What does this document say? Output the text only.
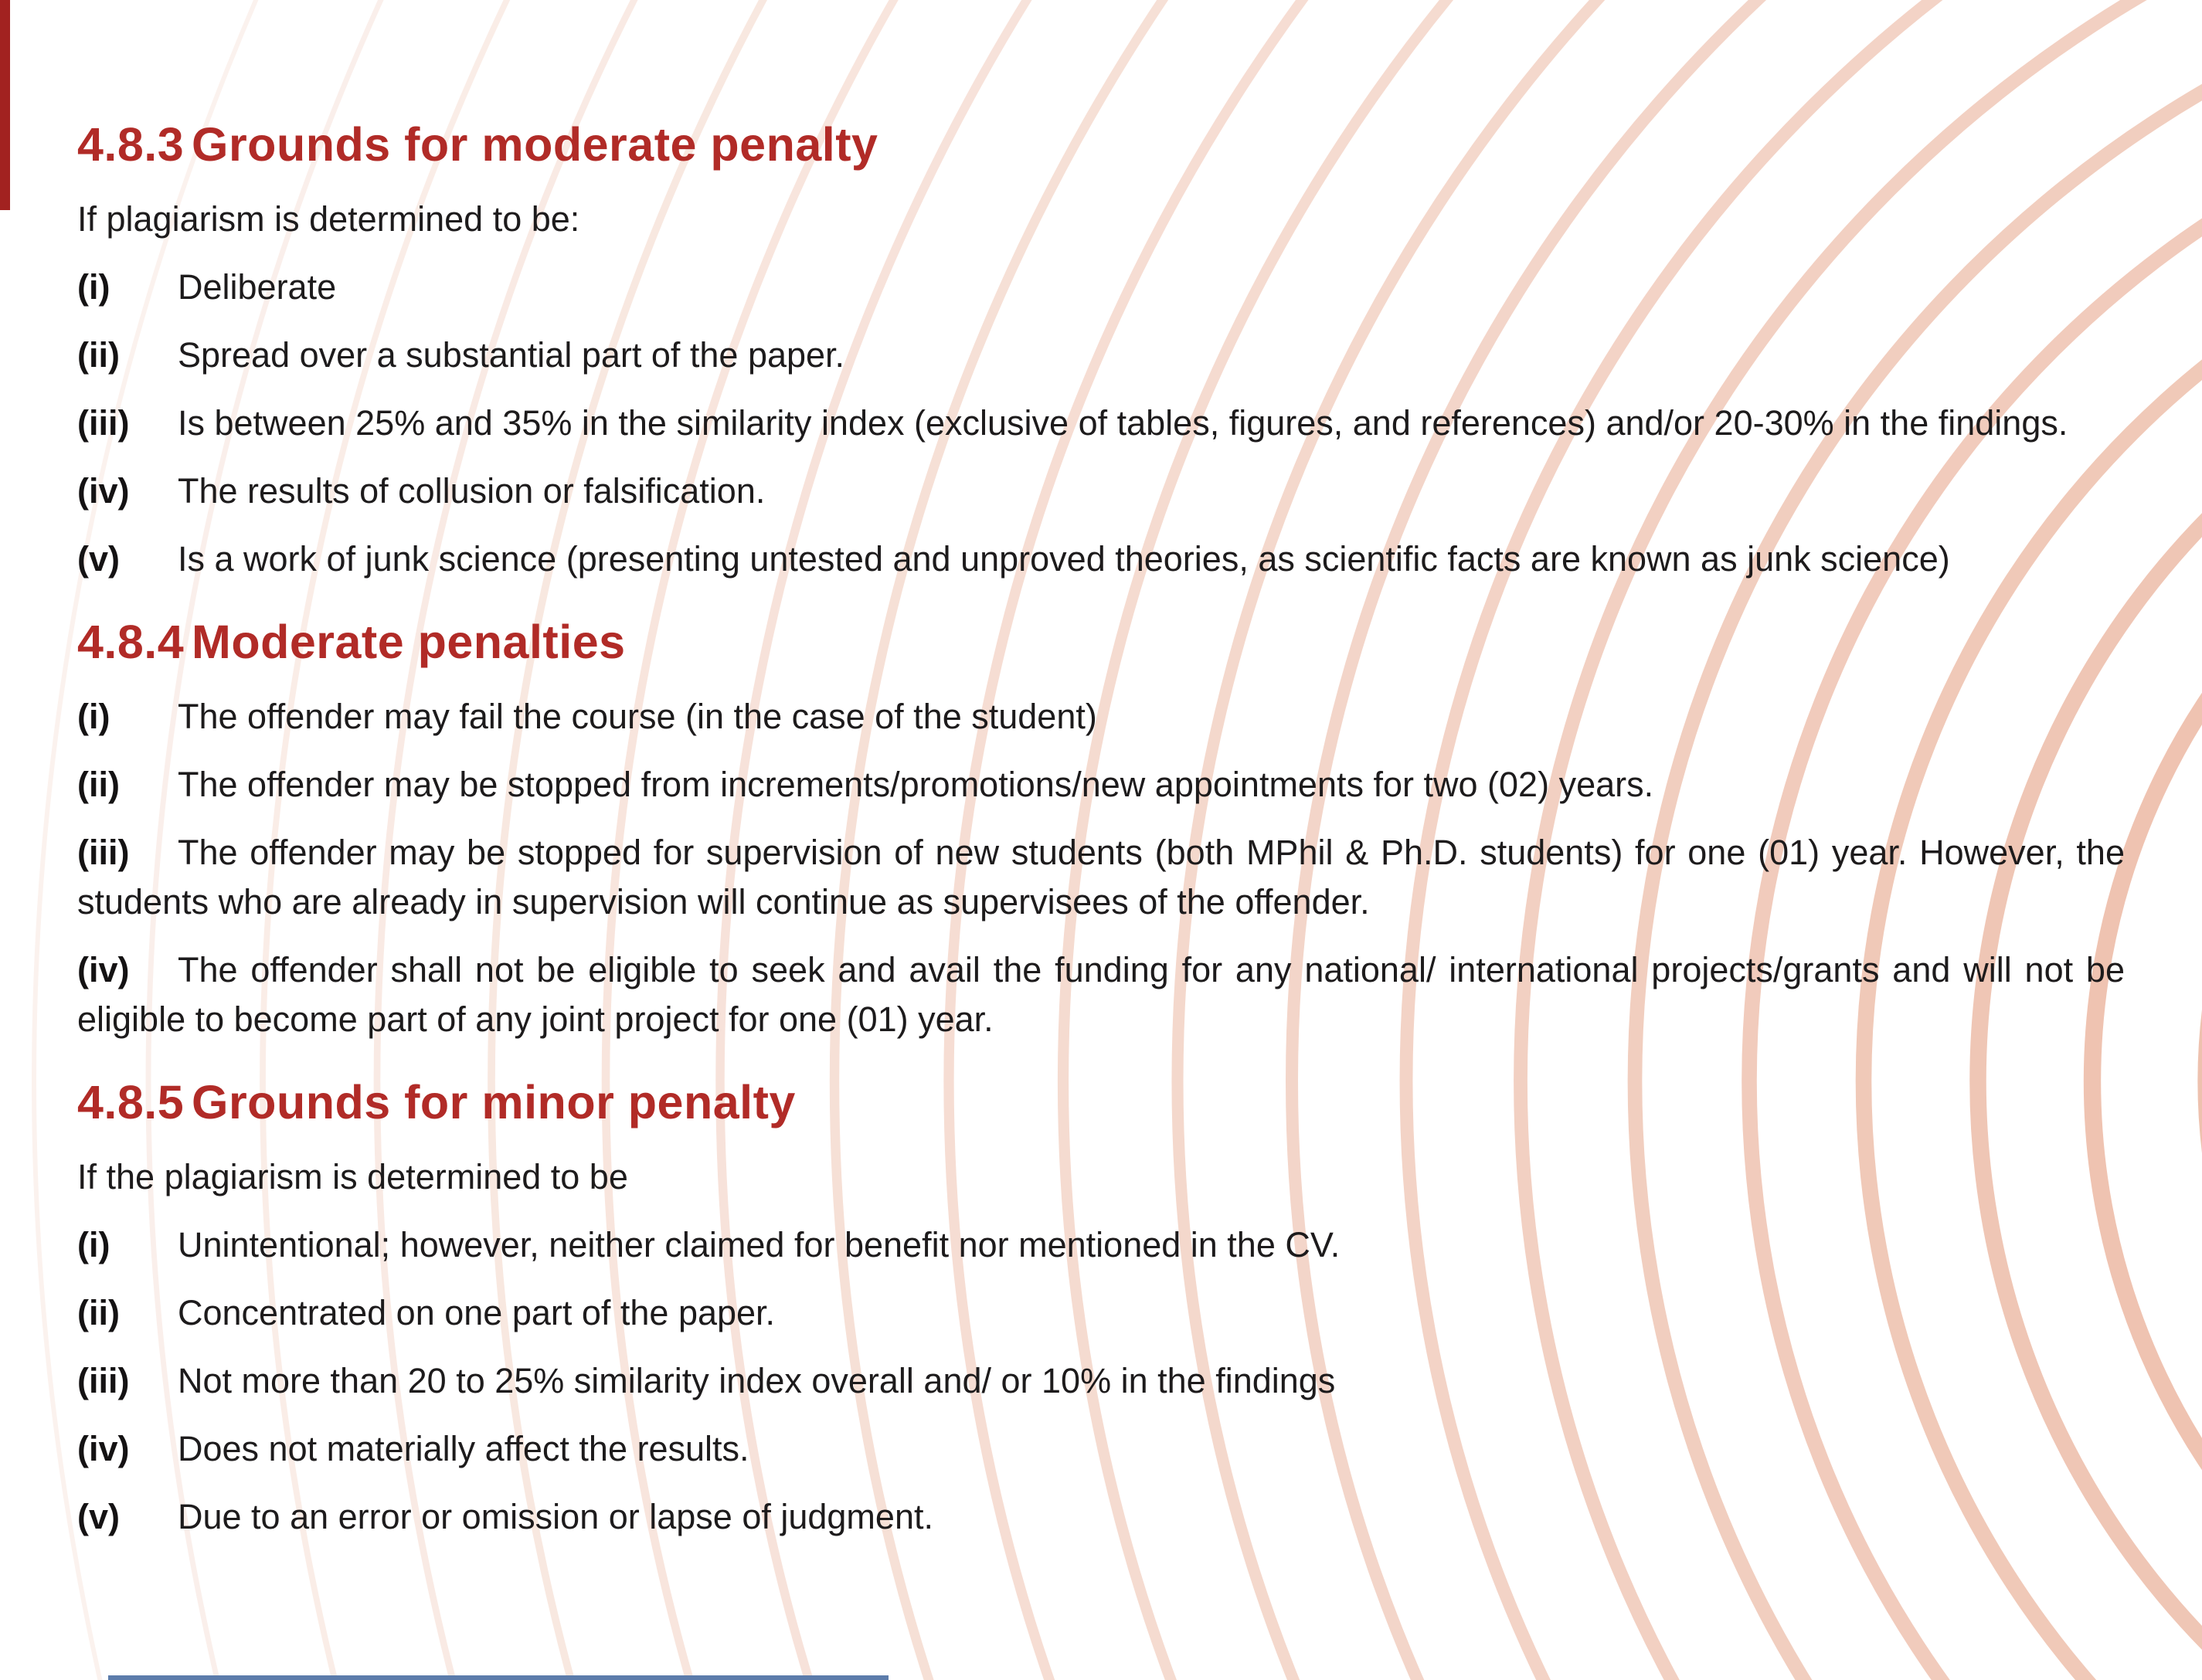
4.8.3 Grounds for moderate penalty

If plagiarism is determined to be:

(i) Deliberate

(ii) Spread over a substantial part of the paper.

(iii) Is between 25% and 35% in the similarity index (exclusive of tables, figures, and references) and/or 20-30% in the findings.

(iv) The results of collusion or falsification.

(v) Is a work of junk science (presenting untested and unproved theories, as scientific facts are known as junk science)

4.8.4 Moderate penalties

(i) The offender may fail the course (in the case of the student)

(ii) The offender may be stopped from increments/promotions/new appointments for two (02) years.

(iii) The offender may be stopped for supervision of new students (both MPhil & Ph.D. students) for one (01) year. However, the students who are already in supervision will continue as supervisees of the offender.

(iv) The offender shall not be eligible to seek and avail the funding for any national/ international projects/grants and will not be eligible to become part of any joint project for one (01) year.

4.8.5 Grounds for minor penalty

If the plagiarism is determined to be

(i) Unintentional; however, neither claimed for benefit nor mentioned in the CV.

(ii) Concentrated on one part of the paper.

(iii) Not more than 20 to 25% similarity index overall and/ or 10% in the findings

(iv) Does not materially affect the results.

(v) Due to an error or omission or lapse of judgment.
